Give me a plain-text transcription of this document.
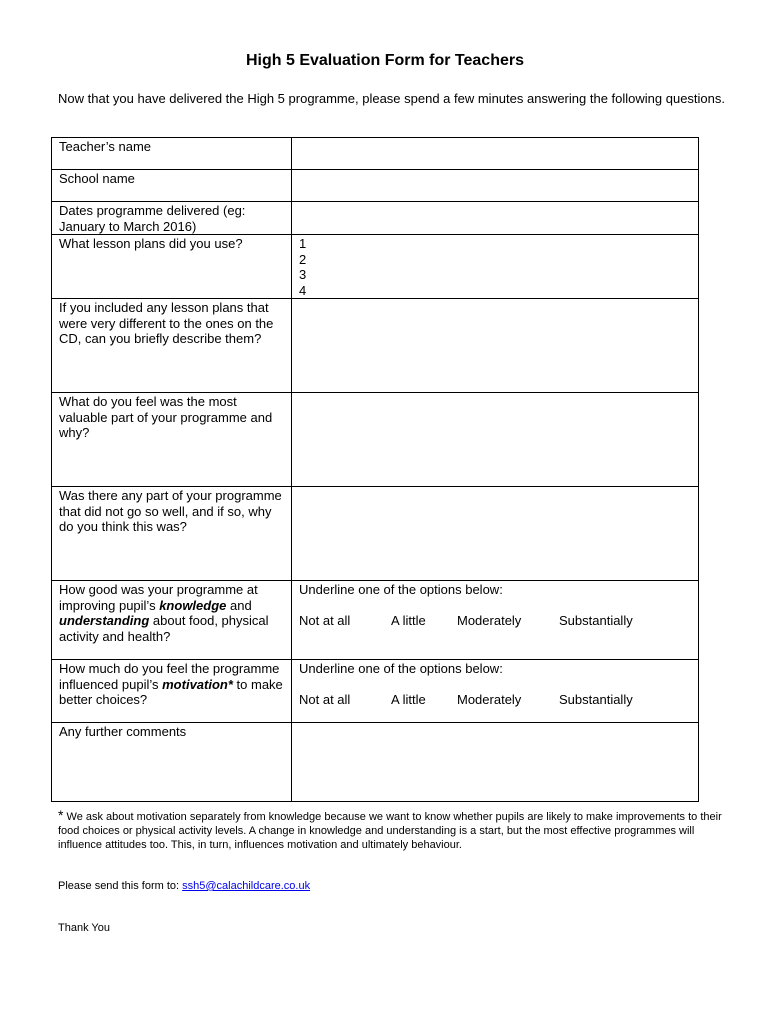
High 5 Evaluation Form for Teachers
Now that you have delivered the High 5 programme, please spend a few minutes answering the following questions.
Teacher’s name	
School name	
Dates programme delivered (eg: January to March 2016)	
What lesson plans did you use?	1
2
3
4

If you included any lesson plans that were very different to the ones on the CD, can you briefly describe them?	
What do you feel was the most valuable part of your programme and why?	
Was there any part of your programme that did not go so well, and if so, why do you think this was?	
How good was your programme at improving pupil’s knowledge and understanding about food, physical activity and health?	Underline one of the options below:
Not at all A little Moderately Substantially

How much do you feel the programme influenced pupil’s motivation* to make better choices?	Underline one of the options below:
Not at all A little Moderately Substantially

Any further comments	
* We ask about motivation separately from knowledge because we want to know whether pupils are likely to make improvements to their food choices or physical activity levels. A change in knowledge and understanding is a start, but the most effective programmes will influence attitudes too. This, in turn, influences motivation and ultimately behaviour.
Please send this form to: ssh5@calachildcare.co.uk
Thank You
